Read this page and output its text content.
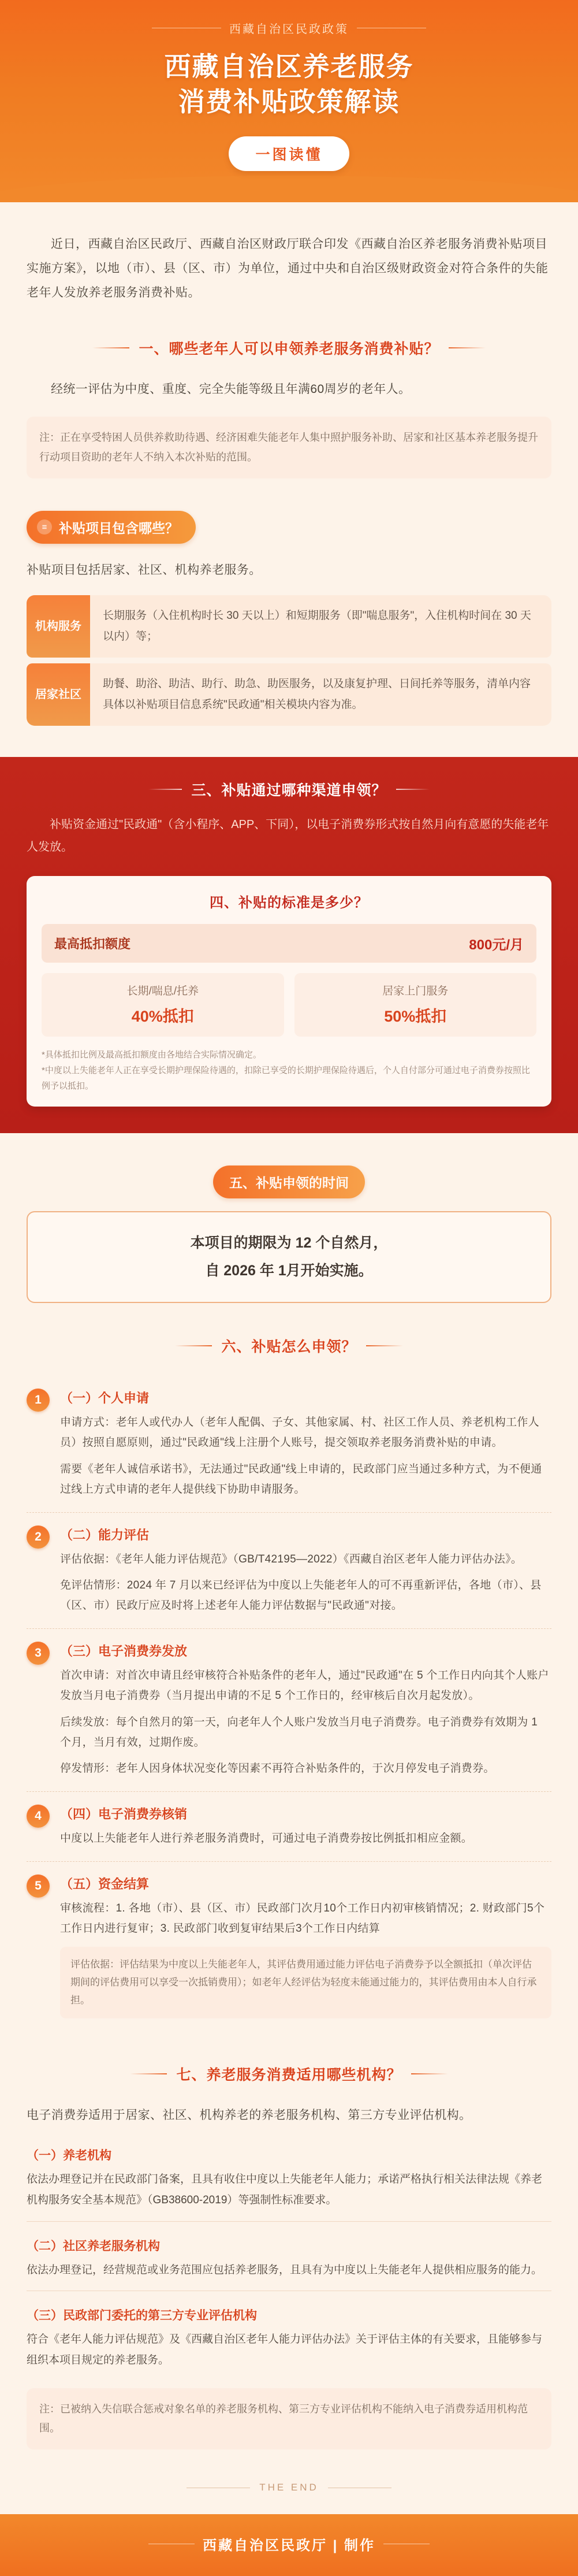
西藏自治区民政政策
西藏自治区养老服务
消费补贴政策解读
一图读懂
近日，西藏自治区民政厅、西藏自治区财政厅联合印发《西藏自治区养老服务消费补贴项目实施方案》，以地（市）、县（区、市）为单位，通过中央和自治区级财政资金对符合条件的失能老年人发放养老服务消费补贴。
一、哪些老年人可以申领养老服务消费补贴？
经统一评估为中度、重度、完全失能等级且年满60周岁的老年人。
注：正在享受特困人员供养救助待遇、经济困难失能老年人集中照护服务补助、居家和社区基本养老服务提升行动项目资助的老年人不纳入本次补贴的范围。
≡ 补贴项目包含哪些？
补贴项目包括居家、社区、机构养老服务。
机构服务
长期服务（入住机构时长 30 天以上）和短期服务（即"喘息服务"，入住机构时间在 30 天以内）等；
居家社区
助餐、助浴、助洁、助行、助急、助医服务，以及康复护理、日间托养等服务，清单内容具体以补贴项目信息系统"民政通"相关模块内容为准。
三、补贴通过哪种渠道申领？
补贴资金通过"民政通"（含小程序、APP、下同），以电子消费券形式按自然月向有意愿的失能老年人发放。
四、补贴的标准是多少？
最高抵扣额度	800元/月
长期/喘息/托养
40%抵扣
居家上门服务
50%抵扣
*具体抵扣比例及最高抵扣额度由各地结合实际情况确定。
*中度以上失能老年人正在享受长期护理保险待遇的，扣除已享受的长期护理保险待遇后，个人自付部分可通过电子消费券按照比例予以抵扣。
五、补贴申领的时间
本项目的期限为 12 个自然月，
自 2026 年 1月开始实施。
六、补贴怎么申领？
1	（一）个人申请
申请方式：老年人或代办人（老年人配偶、子女、其他家属、村、社区工作人员、养老机构工作人员）按照自愿原则，通过"民政通"线上注册个人账号，提交领取养老服务消费补贴的申请。
需要《老年人诚信承诺书》，无法通过"民政通"线上申请的，民政部门应当通过多种方式，为不便通过线上方式申请的老年人提供线下协助申请服务。
2	（二）能力评估
评估依据：《老年人能力评估规范》（GB/T42195—2022）《西藏自治区老年人能力评估办法》。
免评估情形：2024 年 7 月以来已经评估为中度以上失能老年人的可不再重新评估，各地（市）、县（区、市）民政厅应及时将上述老年人能力评估数据与"民政通"对接。
3	（三）电子消费券发放
首次申请：对首次申请且经审核符合补贴条件的老年人，通过"民政通"在 5 个工作日内向其个人账户发放当月电子消费券（当月提出申请的不足 5 个工作日的，经审核后自次月起发放）。
后续发放：每个自然月的第一天，向老年人个人账户发放当月电子消费券。电子消费券有效期为 1 个月，当月有效，过期作废。
停发情形：老年人因身体状况变化等因素不再符合补贴条件的，于次月停发电子消费券。
4	（四）电子消费券核销
中度以上失能老年人进行养老服务消费时，可通过电子消费券按比例抵扣相应金额。
5	（五）资金结算
审核流程：1. 各地（市）、县（区、市）民政部门次月10个工作日内初审核销情况；2. 财政部门5个工作日内进行复审；3. 民政部门收到复审结果后3个工作日内结算
评估依据：评估结果为中度以上失能老年人，其评估费用通过能力评估电子消费券予以全额抵扣（单次评估期间的评估费用可以享受一次抵销费用）；如老年人经评估为轻度未能通过能力的，其评估费用由本人自行承担。
七、养老服务消费适用哪些机构？
电子消费券适用于居家、社区、机构养老的养老服务机构、第三方专业评估机构。
（一）养老机构
依法办理登记并在民政部门备案，且具有收住中度以上失能老年人能力；承诺严格执行相关法律法规《养老机构服务安全基本规范》（GB38600-2019）等强制性标准要求。
（二）社区养老服务机构
依法办理登记，经营规范或业务范围应包括养老服务，且具有为中度以上失能老年人提供相应服务的能力。
（三）民政部门委托的第三方专业评估机构
符合《老年人能力评估规范》及《西藏自治区老年人能力评估办法》关于评估主体的有关要求，且能够参与组织本项目规定的养老服务。
注：已被纳入失信联合惩戒对象名单的养老服务机构、第三方专业评估机构不能纳入电子消费券适用机构范围。
THE END
西藏自治区民政厅 | 制作
